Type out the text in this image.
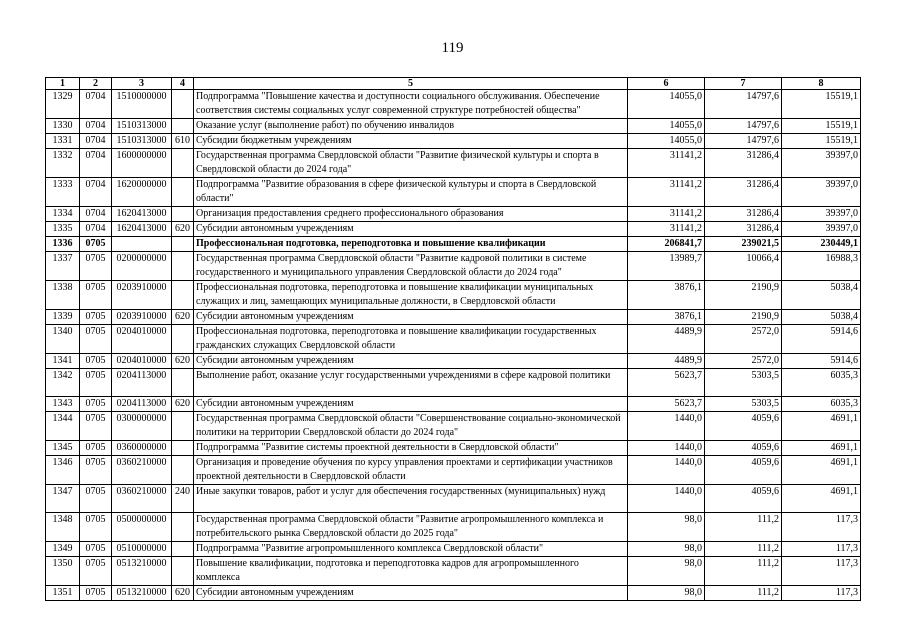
119
1	2	3	4	5	6	7	8
1329	0704	1510000000		Подпрограмма "Повышение качества и доступности социального обслуживания. Обеспечение соответствия системы социальных услуг современной структуре потребностей общества"	14055,0	14797,6	15519,1
1330	0704	1510313000		Оказание услуг (выполнение работ) по обучению инвалидов	14055,0	14797,6	15519,1
1331	0704	1510313000	610	Субсидии бюджетным учреждениям	14055,0	14797,6	15519,1
1332	0704	1600000000		Государственная программа Свердловской области "Развитие физической культуры и спорта в Свердловской области до 2024 года"	31141,2	31286,4	39397,0
1333	0704	1620000000		Подпрограмма "Развитие образования в сфере физической культуры и спорта в Свердловской области"	31141,2	31286,4	39397,0
1334	0704	1620413000		Организация предоставления среднего профессионального образования	31141,2	31286,4	39397,0
1335	0704	1620413000	620	Субсидии автономным учреждениям	31141,2	31286,4	39397,0
1336	0705			Профессиональная подготовка, переподготовка и повышение квалификации	206841,7	239021,5	230449,1
1337	0705	0200000000		Государственная программа Свердловской области "Развитие кадровой политики в системе государственного и муниципального управления Свердловской области до 2024 года"	13989,7	10066,4	16988,3
1338	0705	0203910000		Профессиональная подготовка, переподготовка и повышение квалификации муниципальных служащих и лиц, замещающих муниципальные должности, в Свердловской области	3876,1	2190,9	5038,4
1339	0705	0203910000	620	Субсидии автономным учреждениям	3876,1	2190,9	5038,4
1340	0705	0204010000		Профессиональная подготовка, переподготовка и повышение квалификации государственных гражданских служащих Свердловской области	4489,9	2572,0	5914,6
1341	0705	0204010000	620	Субсидии автономным учреждениям	4489,9	2572,0	5914,6
1342	0705	0204113000		Выполнение работ, оказание услуг государственными учреждениями в сфере кадровой политики	5623,7	5303,5	6035,3
1343	0705	0204113000	620	Субсидии автономным учреждениям	5623,7	5303,5	6035,3
1344	0705	0300000000		Государственная программа Свердловской области "Совершенствование социально-экономической политики на территории Свердловской области до 2024 года"	1440,0	4059,6	4691,1
1345	0705	0360000000		Подпрограмма "Развитие системы проектной деятельности в Свердловской области"	1440,0	4059,6	4691,1
1346	0705	0360210000		Организация и проведение обучения по курсу управления проектами и сертификации участников проектной деятельности в Свердловской области	1440,0	4059,6	4691,1
1347	0705	0360210000	240	Иные закупки товаров, работ и услуг для обеспечения государственных (муниципальных) нужд	1440,0	4059,6	4691,1
1348	0705	0500000000		Государственная программа Свердловской области "Развитие агропромышленного комплекса и потребительского рынка Свердловской области до 2025 года"	98,0	111,2	117,3
1349	0705	0510000000		Подпрограмма "Развитие агропромышленного комплекса Свердловской области"	98,0	111,2	117,3
1350	0705	0513210000		Повышение квалификации, подготовка и переподготовка кадров для агропромышленного комплекса	98,0	111,2	117,3
1351	0705	0513210000	620	Субсидии автономным учреждениям	98,0	111,2	117,3
